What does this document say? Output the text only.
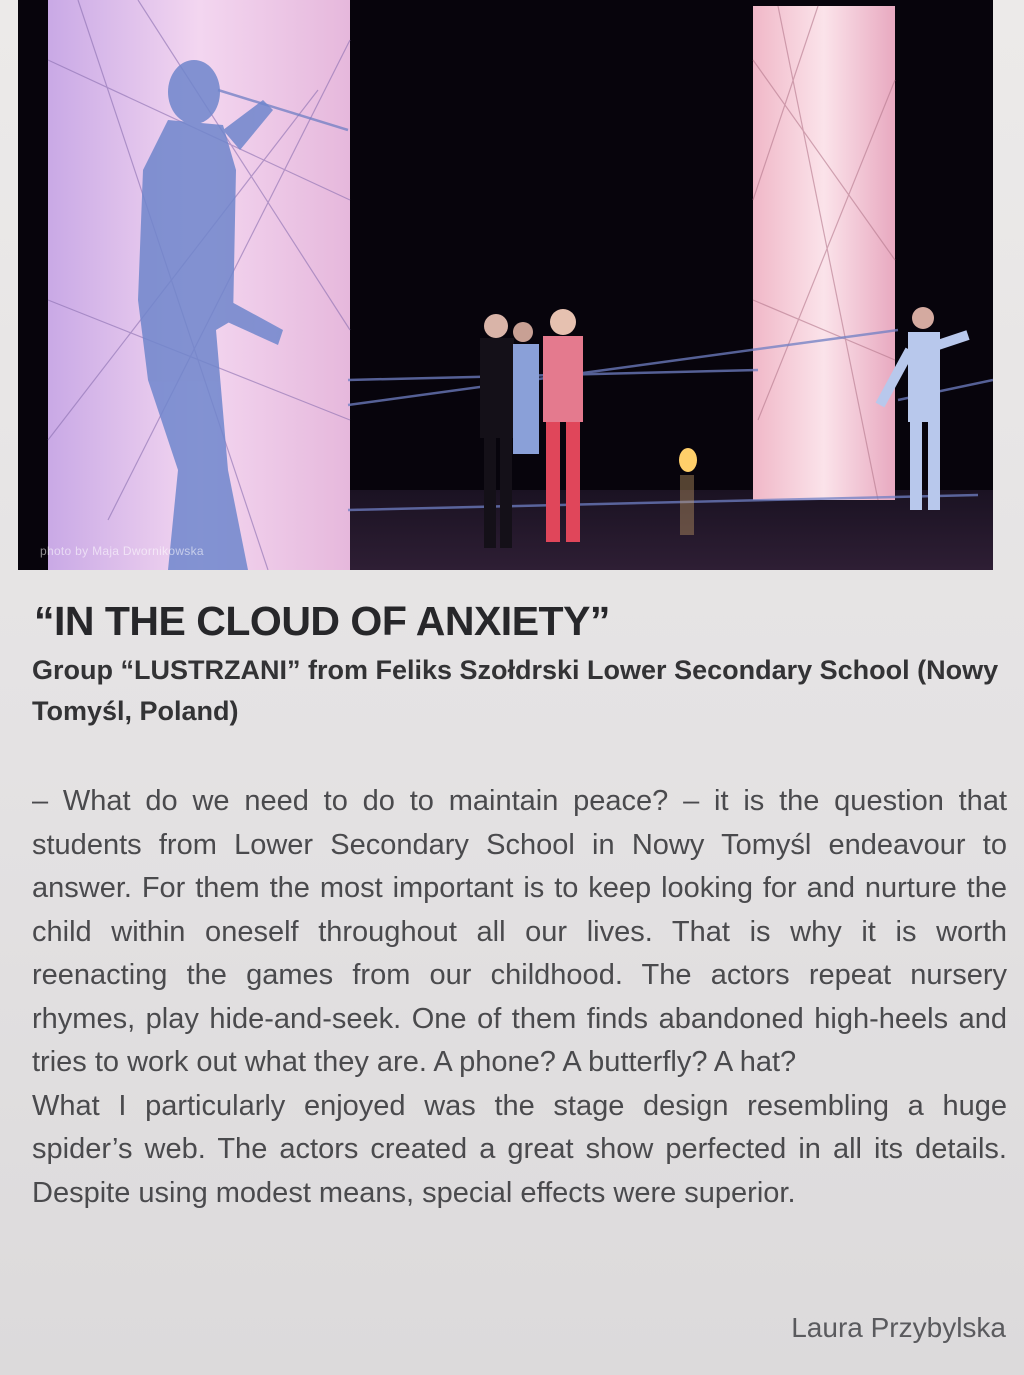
photo by Maja Dwornikowska
“IN THE CLOUD OF ANXIETY”
Group “LUSTRZANI” from Feliks Szołdrski Lower Secondary School (Nowy Tomyśl, Poland)

– What do we need to do to maintain peace? – it is the question that students from Lower Secondary School in Nowy Tomyśl endeavour to answer. For them the most important is to keep looking for and nurture the child within oneself throughout all our lives. That is why it is worth reenacting the games from our childhood. The actors repeat nursery rhymes, play hide-and-seek. One of them finds abandoned high-heels and tries to work out what they are. A phone? A butterfly? A hat?

What I particularly enjoyed was the stage design resembling a huge spider’s web. The actors created a great show perfected in all its details. Despite using modest means, special effects were superior.

Laura Przybylska
